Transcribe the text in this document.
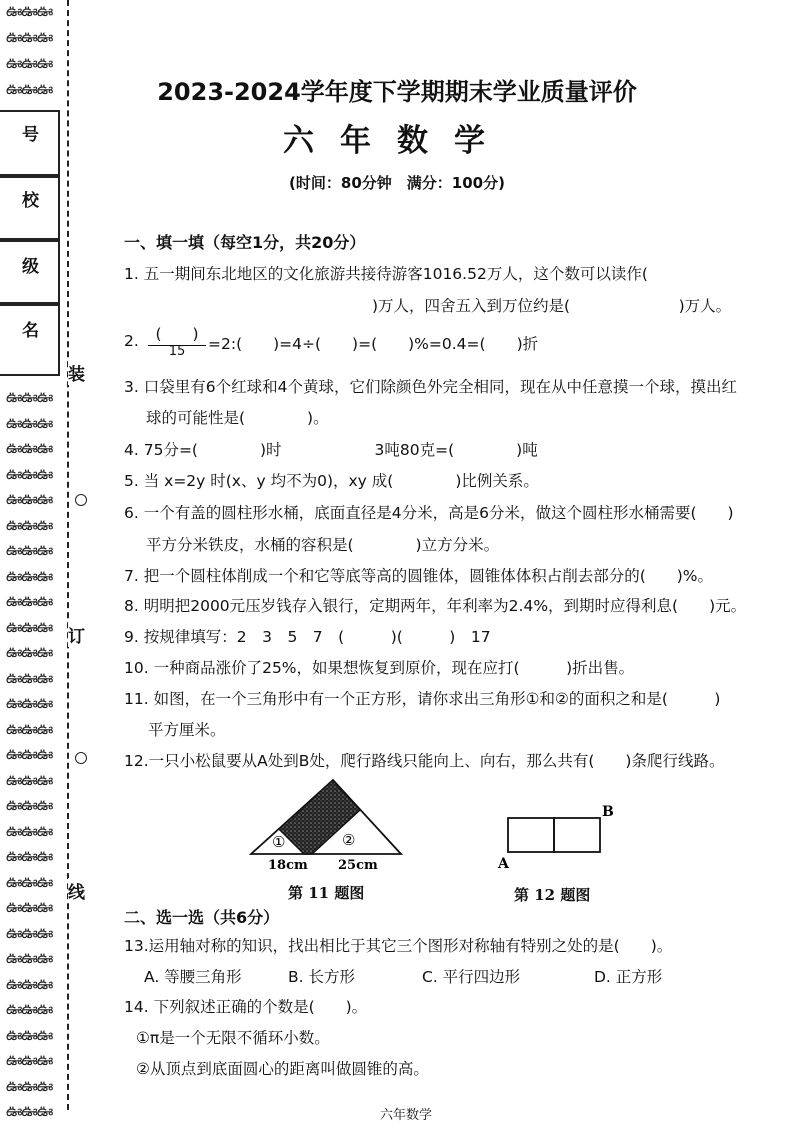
ఊఊఊ
ఊఊఊ
ఊఊఊ
ఊఊఊ
ఊఊఊ
ఊఊఊ
ఊఊఊ
ఊఊఊ
ఊఊఊ
ఊఊఊ
ఊఊఊ
ఊఊఊ
ఊఊఊ
ఊఊఊ
ఊఊఊ
ఊఊఊ
ఊఊఊ
ఊఊఊ
ఊఊఊ
ఊఊఊ
ఊఊఊ
ఊఊఊ
ఊఊఊ
ఊఊఊ
ఊఊఊ
ఊఊఊ
ఊఊఊ
ఊఊఊ
ఊఊఊ
ఊఊఊ
ఊఊఊ
ఊఊఊ
ఊఊఊ
号
校
级
名
装
订
线
2023-2024学年度下学期期末学业质量评价
六年数学
(时间：80分钟　满分：100分)
一、填一填（每空1分，共20分）
1. 五一期间东北地区的文化旅游共接待游客1016.52万人，这个数可以读作(
)万人，四舍五入到万位约是(　　　　　　　)万人。
2.	(　　)
15	=2:(　　)=4÷(　　)=(　　)%=0.4=(　　)折
3. 口袋里有6个红球和4个黄球，它们除颜色外完全相同，现在从中任意摸一个球，摸出红
球的可能性是(　　　　)。
4. 75分=(　　　　)时　　　　　　3吨80克=(　　　　)吨
5. 当 x=2y 时(x、y 均不为0)，xy 成(　　　　)比例关系。
6. 一个有盖的圆柱形水桶，底面直径是4分米，高是6分米，做这个圆柱形水桶需要(　　)
平方分米铁皮，水桶的容积是(　　　　)立方分米。
7. 把一个圆柱体削成一个和它等底等高的圆锥体，圆锥体体积占削去部分的(　　)%。
8. 明明把2000元压岁钱存入银行，定期两年，年利率为2.4%，到期时应得利息(　　)元。
9. 按规律填写：2　3　5　7　(　　　)(　　　)　17
10. 一种商品涨价了25%，如果想恢复到原价，现在应打(　　　)折出售。
11. 如图，在一个三角形中有一个正方形，请你求出三角形①和②的面积之和是(　　　)
平方厘米。
12.一只小松鼠要从A处到B处，爬行路线只能向上、向右，那么共有(　　)条爬行线路。
①	②
18cm 25cm
第 11 题图
B
A
第 12 题图
二、选一选（共6分）
13.运用轴对称的知识，找出相比于其它三个图形对称轴有特别之处的是(　　)。
A. 等腰三角形	B. 长方形	C. 平行四边形	D. 正方形
14. 下列叙述正确的个数是(　　)。
①π是一个无限不循环小数。
②从顶点到底面圆心的距离叫做圆锥的高。
六年数学
